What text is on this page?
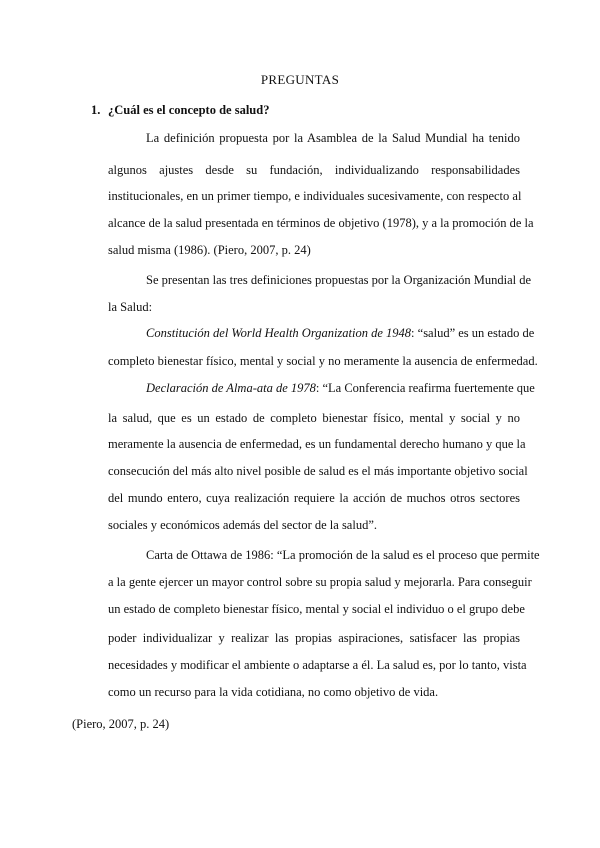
PREGUNTAS
1. ¿Cuál es el concepto de salud?
La definición propuesta por la Asamblea de la Salud Mundial ha tenido
algunos ajustes desde su fundación, individualizando responsabilidades
institucionales, en un primer tiempo, e individuales sucesivamente, con respecto al
alcance de la salud presentada en términos de objetivo (1978), y a la promoción de la
salud misma (1986). (Piero, 2007, p. 24)
Se presentan las tres definiciones propuestas por la Organización Mundial de
la Salud:
Constitución del World Health Organization de 1948: “salud” es un estado de
completo bienestar físico, mental y social y no meramente la ausencia de enfermedad.
Declaración de Alma-ata de 1978: “La Conferencia reafirma fuertemente que
la salud, que es un estado de completo bienestar físico, mental y social y no
meramente la ausencia de enfermedad, es un fundamental derecho humano y que la
consecución del más alto nivel posible de salud es el más importante objetivo social
del mundo entero, cuya realización requiere la acción de muchos otros sectores
sociales y económicos además del sector de la salud”.
Carta de Ottawa de 1986: “La promoción de la salud es el proceso que permite
a la gente ejercer un mayor control sobre su propia salud y mejorarla. Para conseguir
un estado de completo bienestar físico, mental y social el individuo o el grupo debe
poder individualizar y realizar las propias aspiraciones, satisfacer las propias
necesidades y modificar el ambiente o adaptarse a él. La salud es, por lo tanto, vista
como un recurso para la vida cotidiana, no como objetivo de vida.
(Piero, 2007, p. 24)
